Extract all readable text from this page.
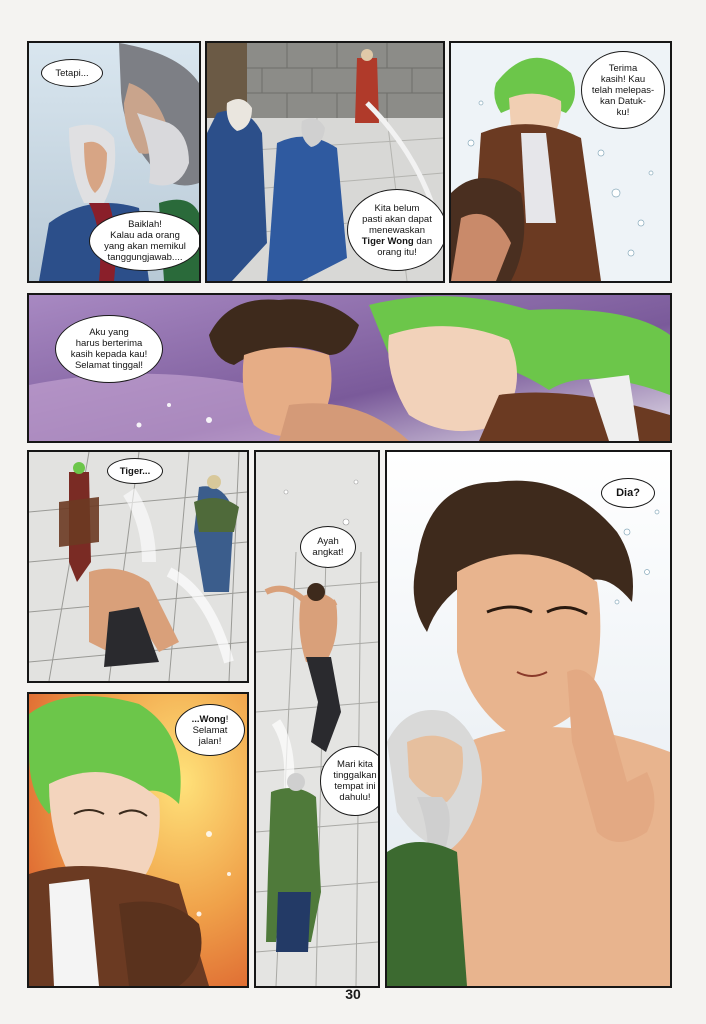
Tetapi...
Baiklah!
Kalau ada orang
yang akan memikul
tanggungjawab....
Kita belum
pasti akan dapat
menewaskan
Tiger Wong dan
orang itu!
Terima
kasih! Kau
telah melepas-
kan Datuk-
ku!
Aku yang
harus berterima
kasih kepada kau!
Selamat tinggal!
Tiger...
Ayah
angkat!
Mari kita
tinggalkan
tempat ini
dahulu!
Dia?
...Wong!
Selamat
jalan!
30
